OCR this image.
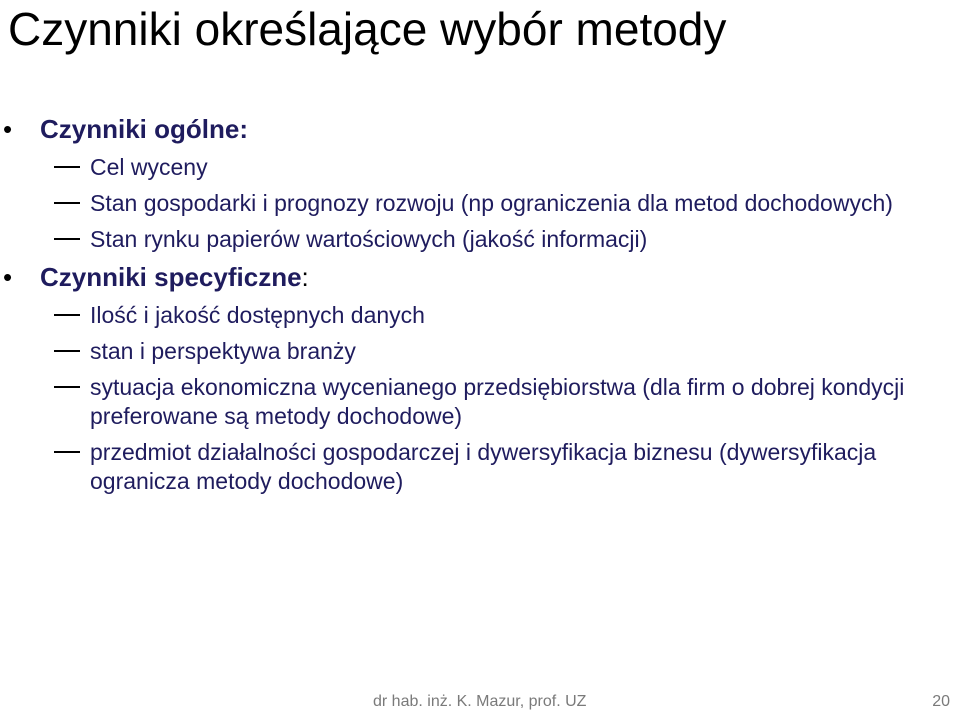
Czynniki określające wybór metody
• Czynniki ogólne:
Cel wyceny
Stan gospodarki i prognozy rozwoju (np ograniczenia dla metod dochodowych)
Stan rynku papierów wartościowych (jakość informacji)
• Czynniki specyficzne:
Ilość i jakość dostępnych danych
stan i perspektywa branży
sytuacja ekonomiczna wycenianego przedsiębiorstwa (dla firm o dobrej kondycji preferowane są metody dochodowe)
przedmiot działalności gospodarczej i dywersyfikacja biznesu (dywersyfikacja ogranicza metody dochodowe)
dr hab. inż. K. Mazur, prof. UZ	20
